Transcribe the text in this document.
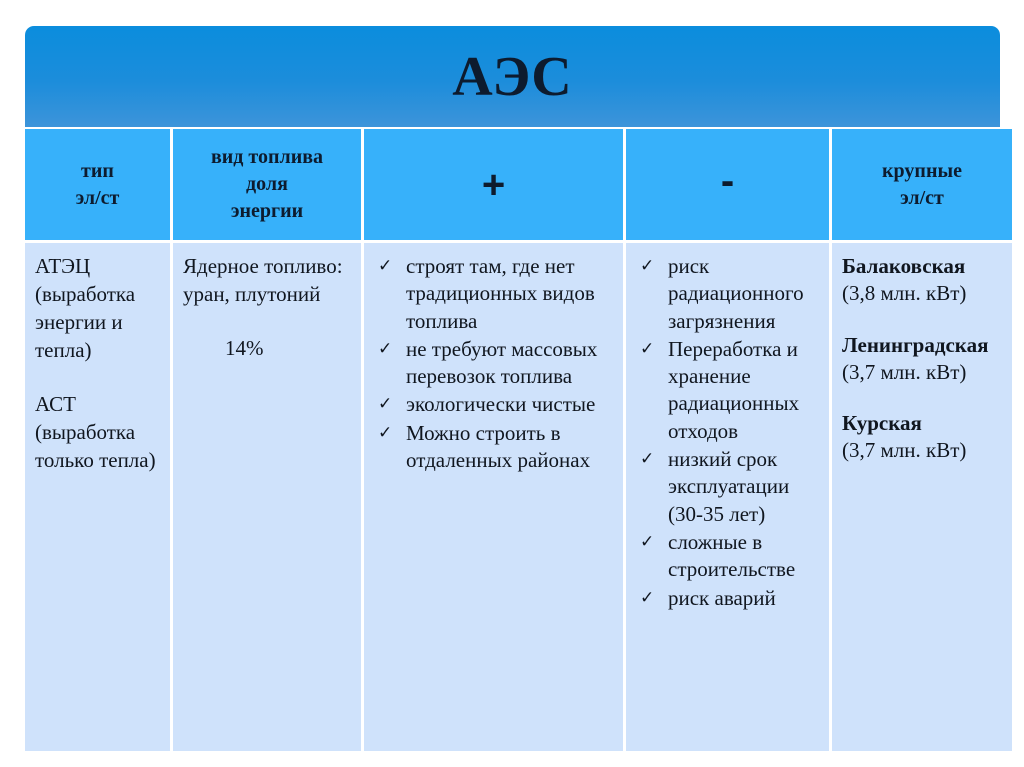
АЭС
тип
эл/ст
вид топлива
доля
энергии
+	-	крупные
эл/ст

АТЭЦ (выработка энергии и тепла)

АСТ (выработка только тепла)

Ядерное топливо: уран, плутоний

14%

✓ строят там, где нет традиционных видов топлива
✓ не требуют массовых перевозок топлива
✓ экологически чистые
✓ Можно строить в отдаленных районах
✓ риск радиационного загрязнения
✓ Переработка и хранение радиационных отходов
✓ низкий срок эксплуатации (30-35 лет)
✓ сложные в строительстве
✓ риск аварий
Балаковская
(3,8 млн. кВт)
Ленинградская
(3,7 млн. кВт)
Курская
(3,7 млн. кВт)
